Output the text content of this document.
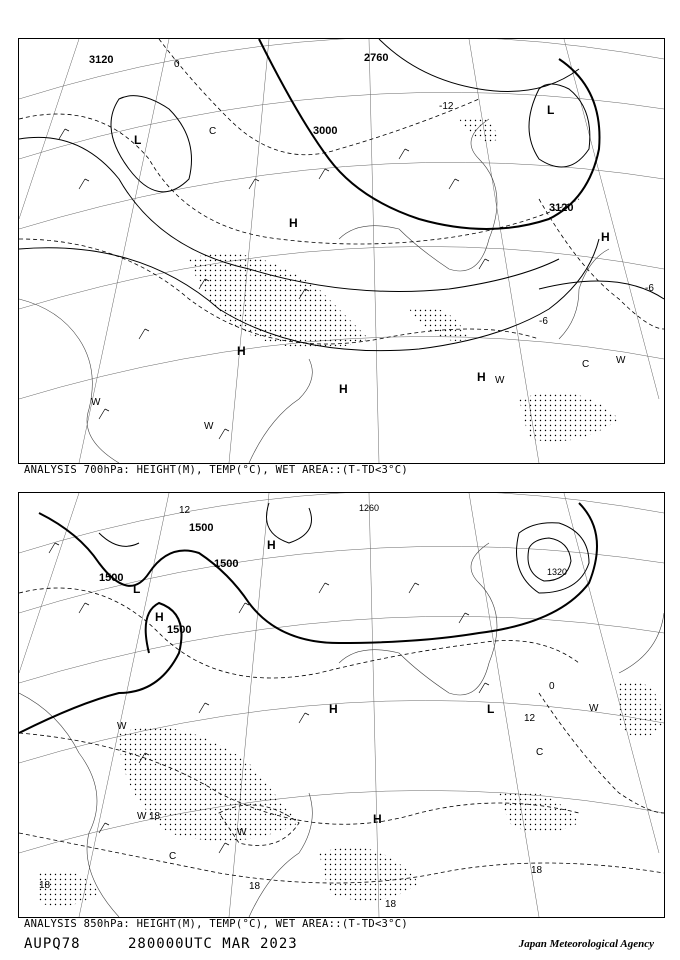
3120
3000
3120
2760
0
-6
-6
-12
L
L
H
H
H
H
H
W
W
W
W
C
C
ANALYSIS 700hPa: HEIGHT(M), TEMP(°C), WET AREA::(T-TD<3°C)
1500
1500
1500
1500
1260
1320
0
12
18
18
18
18
12
18
L
H
H
H
H
L
W
W
W
W
C
C
ANALYSIS 850hPa: HEIGHT(M), TEMP(°C), WET AREA::(T-TD<3°C)
AUPQ78	280000UTC MAR 2023	Japan Meteorological Agency
